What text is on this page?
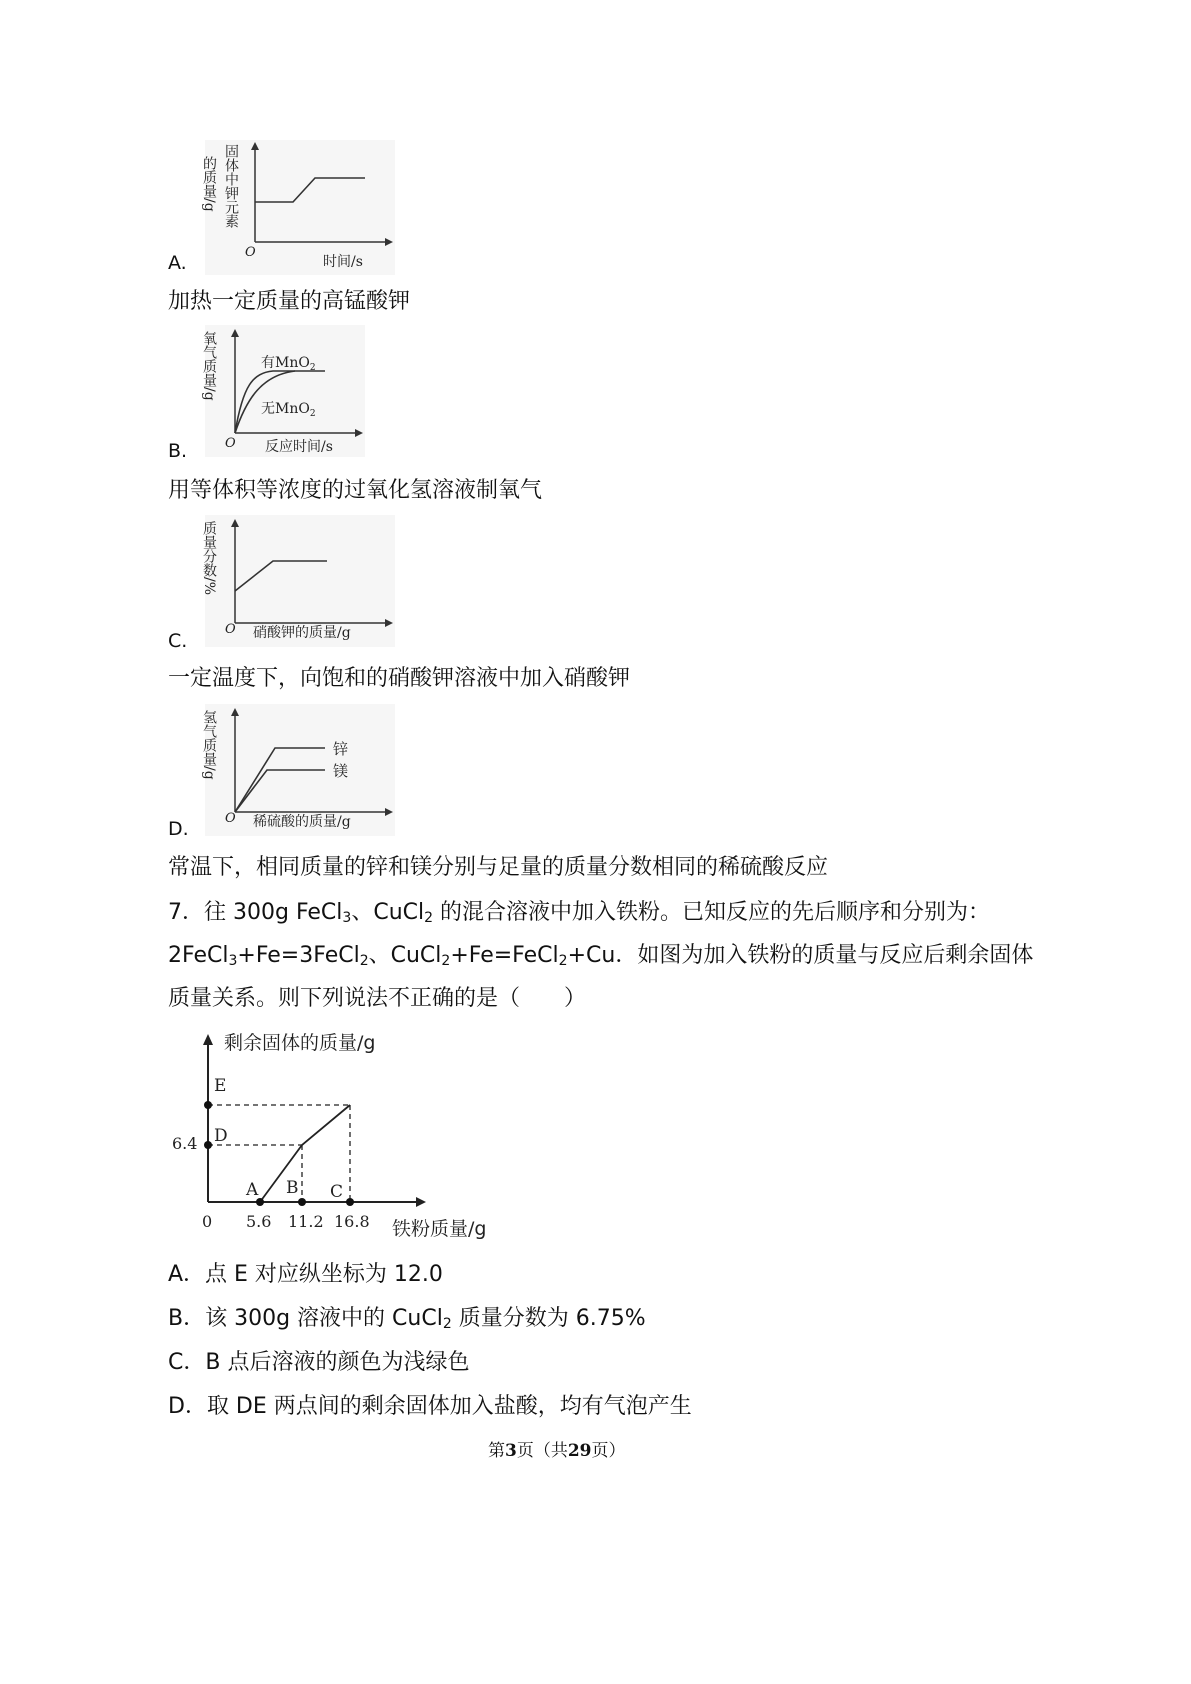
的质量/g 固体中钾元素
O
时间/s
A.
加热一定质量的高锰酸钾
氧气质量/g	有MnO$_2$
无MnO$_2$
O 反应时间/s
B.
用等体积等浓度的过氧化氢溶液制氧气
质量分数/%
O 硝酸钾的质量/g
C.
一定温度下，向饱和的硝酸钾溶液中加入硝酸钾
氢气质量/g	锌
镁
O 稀硫酸的质量/g
D.
常温下，相同质量的锌和镁分别与足量的质量分数相同的稀硫酸反应
7．往 300g FeCl$_3$、CuCl$_2$ 的混合溶液中加入铁粉。已知反应的先后顺序和分别为：
2FeCl$_3$+Fe=3FeCl$_2$、CuCl$_2$+Fe=FeCl$_2$+Cu．如图为加入铁粉的质量与反应后剩余固体
质量关系。则下列说法不正确的是（　　）
剩余固体的质量/g
E
D
6.4
A B C
0 5.6 11.2 16.8 铁粉质量/g
A．点 E 对应纵坐标为 12.0
B．该 300g 溶液中的 CuCl$_2$ 质量分数为 6.75%
C．B 点后溶液的颜色为浅绿色
D．取 DE 两点间的剩余固体加入盐酸，均有气泡产生
第3页（共29页）
